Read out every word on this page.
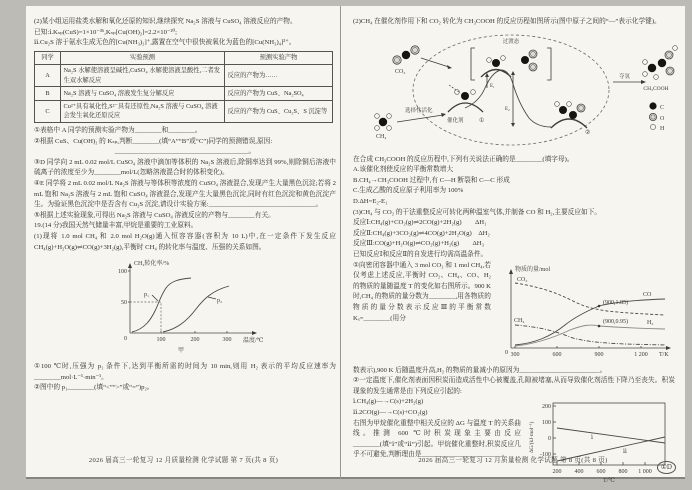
(2)某小组运用盐类水解和氧化还原的知识,继续探究 Na₂S 溶液与 CuSO₄ 溶液反应的产物。

已知:ⅰ.Kₛₚ(CuS)=1×10⁻³⁶,Kₛₚ[Cu(OH)₂]=2.2×10⁻²⁰;

ⅱ.Cu₂S 溶于氨水生成无色的[Cu(NH₃)₂]⁺,露置在空气中很快被氧化为蓝色的[Cu(NH₃)₄]²⁺。

同学	实验预测	预测实验产物
A	Na₂S 水解使溶液呈碱性,CuSO₄ 水解使溶液呈酸性,二者发生双水解反应	反应的产物为……
B	Na₂S 溶液与 CuSO₄ 溶液发生复分解反应	反应的产物为 CuS、Na₂SO₄
C	Cu²⁺具有氧化性,S²⁻具有还原性,Na₂S 溶液与 CuSO₄ 溶液会发生氧化还原反应	反应的产物为 CuS、Cu₂S、S 沉淀等

①表格中 A 同学的预测实验产物为________和________。

②根据 CuS、Cu(OH)₂ 的 Kₛₚ,判断________(填“A”“B”或“C”)同学的预测错误,原因:

________________________________________。

③D 同学向 2 mL 0.02 mol/L CuSO₄ 溶液中滴加等体积的 Na₂S 溶液后,除铜率达到 99%,则除铜后溶液中硫离子的浓度至少为________mol/L(忽略溶液混合时的体积变化)。

④E 同学将 2 mL 0.02 mol/L Na₂S 溶液与等体积等浓度的 CuSO₄ 溶液混合,发现产生大量黑色沉淀;若将 2 mL 饱和 Na₂S 溶液与 2 mL 饱和 CuSO₄ 溶液混合,发现产生大量黑色沉淀,同时有红色沉淀和黄色沉淀产生。为验证黑色沉淀中是否含有 Cu₂S 沉淀,请设计实验方案:________________________________。

⑤根据上述实验现象,可得出 Na₂S 溶液与 CuSO₄ 溶液反应的产物与________有关。

19.(14 分)我国天然气储量丰富,甲烷是重要的工业原料。

(1)现将 1.0 mol CH₄ 和 2.0 mol H₂O(g)通入恒容容器(容积为 10 L)中,在一定条件下发生反应 CH₄(g)+H₂O(g)⇌CO(g)+3H₂(g),平衡时 CH₄ 的转化率与温度、压强的关系如图。

CH₄转化率/%
100
50
0	100	200	300 温度/℃
p₁
p₂
甲

①100 ℃时,压强为 p₁ 条件下,达到平衡所需的时间为 10 min,则用 H₂ 表示的平均反应速率为________mol·L⁻¹·min⁻¹。

②图中的 p₁________(填“<”“>”或“=”)p₂。

2026 届高三一轮复习 12 月质量检测 化学试题 第 7 页(共 8 页)

(2)CH₄ 在催化剂作用下和 CO₂ 转化为 CH₃COOH 的反应历程如图所示(图中原子之间的“—”表示化学键)。

CO₂
CH₄
选择性活化
催化剂	①
过渡态
E₁
E₂
②
夺氢
CH₃COOH
C
O
H

在合成 CH₃COOH 的反应历程中,下列有关说法正确的是________(填字母)。

A.该催化剂使反应的平衡常数增大

B.CH₄→CH₃COOH 过程中,有 C—H 断裂和 C—C 形成

C.生成乙酸的反应原子利用率为 100%

D.ΔH=E₂-E₁

(3)CH₄ 与 CO₂ 的干法重整反应可转化两种温室气体,并制备 CO 和 H₂,主要反应如下。

反应Ⅰ:CH₄(g)+CO₂(g)⇌2CO(g)+2H₂(g)　　ΔH₁

反应Ⅱ:CH₄(g)+3CO₂(g)⇌4CO(g)+2H₂O(g)　ΔH₂

反应Ⅲ:CO(g)+H₂O(g)⇌CO₂(g)+H₂(g)　　ΔH₃

已知反应Ⅰ和反应Ⅱ的自发进行均需高温条件。

物质的量/mol
0 300	600	900	1 200 T/K
CO₂
CO
CH₄	H₂
(900,1.85)
(900,0.95)

①向密闭容器中通入 3 mol CO₂ 和 1 mol CH₄,若仅考虑上述反应,平衡时 CO₂、CH₄、CO、H₂ 的物质的量随温度 T 的变化如右图所示。900 K 时,CH₄ 的物质的量分数为________,用各物质的物质的量分数表示反应Ⅲ的平衡常数 Kₓ=________(用分

数表示),900 K 后随温度升高,H₂ 的物质的量减小的原因为________________________。

②一定温度下,催化剂表面因积炭而造成活性中心被覆盖,孔隙被堵塞,从而导致催化剂活性下降乃至丧失。积炭现象的发生通常是由下列反应引起的:

ΔG/(kJ·mol⁻¹)
200
100
0
-100
200 400 600 800 1 000
T/℃
ⅰ
ⅱ

ⅰ.CH₄(g)―→C(s)+2H₂(g)

ⅱ.2CO(g)―→C(s)+CO₂(g)

右图为甲烷催化重整中相关反应的 ΔG 与温度 T 的关系曲线。推测 600 ℃时积炭现象主要由反应________(填“ⅰ”或“ⅱ”)引起。甲烷催化重整时,积炭反应几乎不可避免,判断理由是________________________。

2026 届高三一轮复习 12 月质量检测 化学试题 第 8 页(共 8 页)
①D
